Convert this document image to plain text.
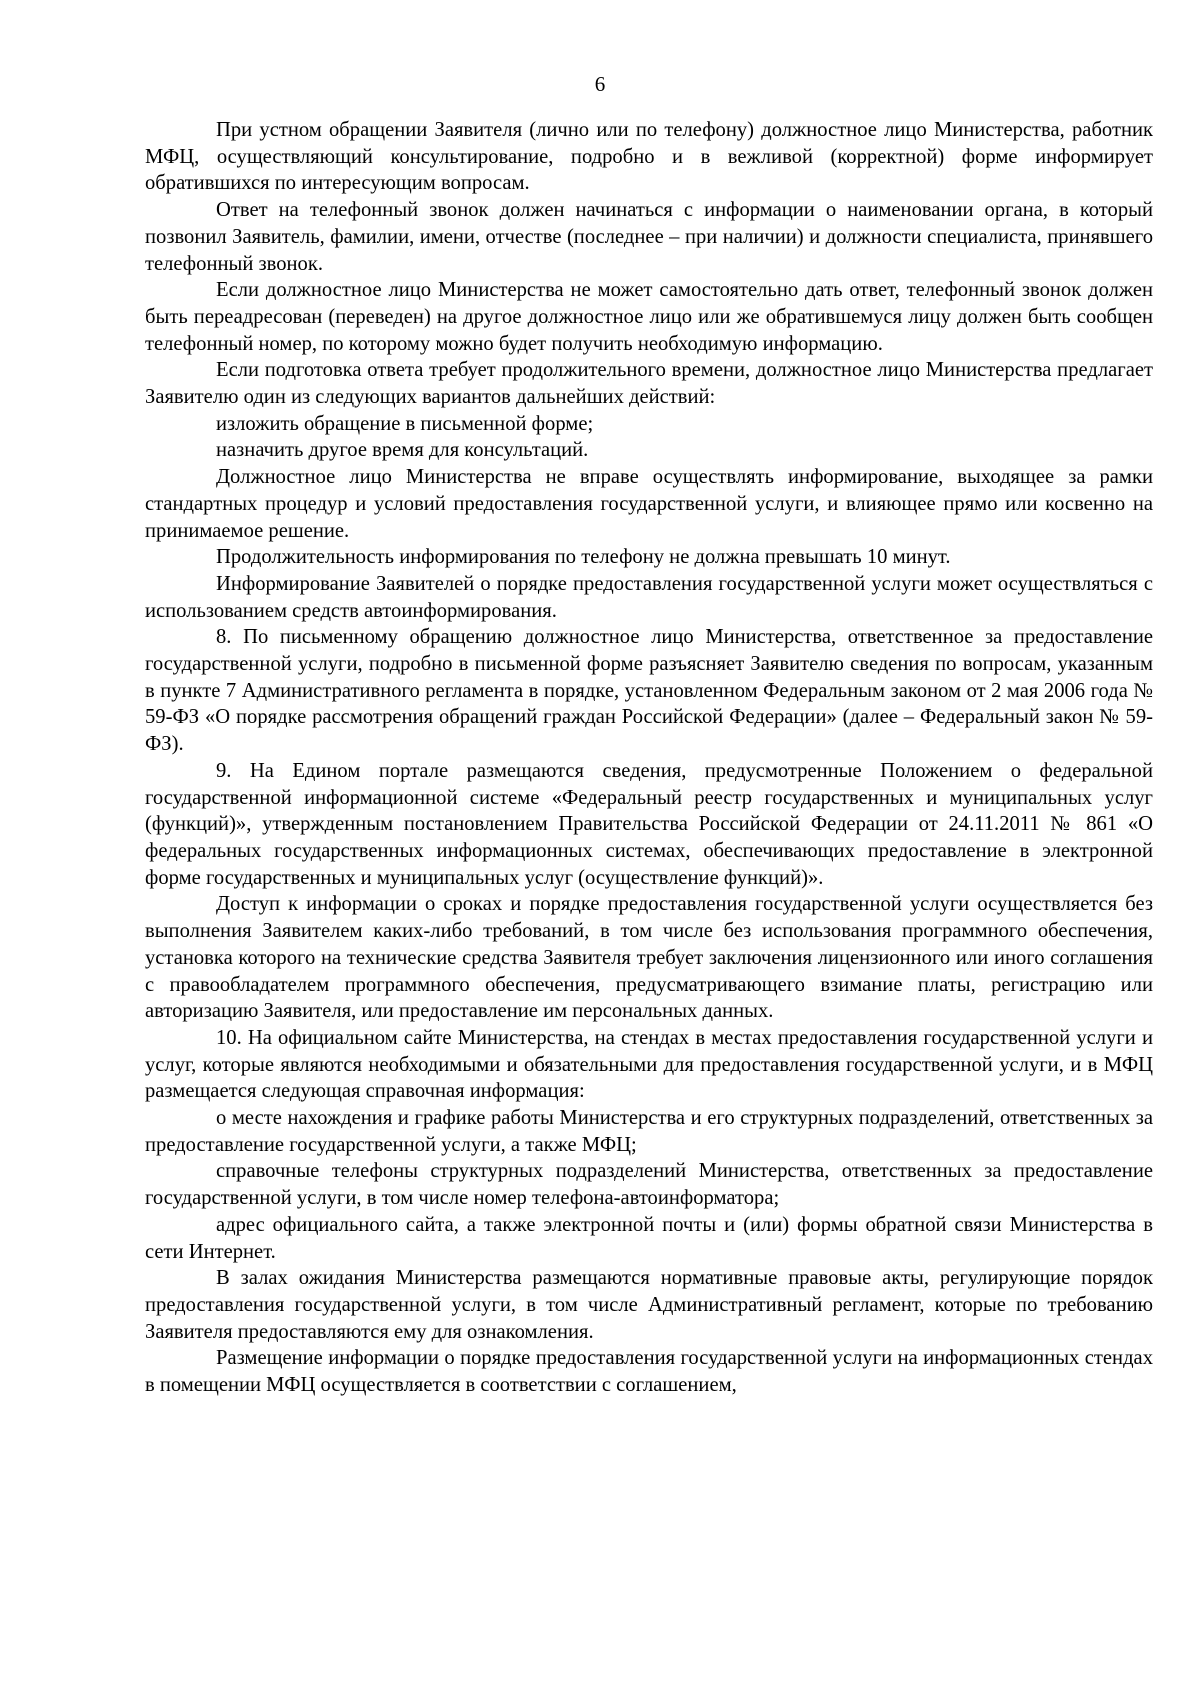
6

При устном обращении Заявителя (лично или по телефону) должностное лицо Министерства, работник МФЦ, осуществляющий консультирование, подробно и в вежливой (корректной) форме информирует обратившихся по интересующим вопросам.

Ответ на телефонный звонок должен начинаться с информации о наименовании органа, в который позвонил Заявитель, фамилии, имени, отчестве (последнее – при наличии) и должности специалиста, принявшего телефонный звонок.

Если должностное лицо Министерства не может самостоятельно дать ответ, телефонный звонок должен быть переадресован (переведен) на другое должностное лицо или же обратившемуся лицу должен быть сообщен телефонный номер, по которому можно будет получить необходимую информацию.

Если подготовка ответа требует продолжительного времени, должностное лицо Министерства предлагает Заявителю один из следующих вариантов дальнейших действий:

изложить обращение в письменной форме;

назначить другое время для консультаций.

Должностное лицо Министерства не вправе осуществлять информирование, выходящее за рамки стандартных процедур и условий предоставления государственной услуги, и влияющее прямо или косвенно на принимаемое решение.

Продолжительность информирования по телефону не должна превышать 10 минут.

Информирование Заявителей о порядке предоставления государственной услуги может осуществляться с использованием средств автоинформирования.

8. По письменному обращению должностное лицо Министерства, ответственное за предоставление государственной услуги, подробно в письменной форме разъясняет Заявителю сведения по вопросам, указанным в пункте 7 Административного регламента в порядке, установленном Федеральным законом от 2 мая 2006 года № 59-ФЗ «О порядке рассмотрения обращений граждан Российской Федерации» (далее – Федеральный закон № 59-ФЗ).

9. На Едином портале размещаются сведения, предусмотренные Положением о федеральной государственной информационной системе «Федеральный реестр государственных и муниципальных услуг (функций)», утвержденным постановлением Правительства Российской Федерации от 24.11.2011 № 861 «О федеральных государственных информационных системах, обеспечивающих предоставление в электронной форме государственных и муниципальных услуг (осуществление функций)».

Доступ к информации о сроках и порядке предоставления государственной услуги осуществляется без выполнения Заявителем каких-либо требований, в том числе без использования программного обеспечения, установка которого на технические средства Заявителя требует заключения лицензионного или иного соглашения с правообладателем программного обеспечения, предусматривающего взимание платы, регистрацию или авторизацию Заявителя, или предоставление им персональных данных.

10. На официальном сайте Министерства, на стендах в местах предоставления государственной услуги и услуг, которые являются необходимыми и обязательными для предоставления государственной услуги, и в МФЦ размещается следующая справочная информация:

о месте нахождения и графике работы Министерства и его структурных подразделений, ответственных за предоставление государственной услуги, а также МФЦ;

справочные телефоны структурных подразделений Министерства, ответственных за предоставление государственной услуги, в том числе номер телефона-автоинформатора;

адрес официального сайта, а также электронной почты и (или) формы обратной связи Министерства в сети Интернет.

В залах ожидания Министерства размещаются нормативные правовые акты, регулирующие порядок предоставления государственной услуги, в том числе Административный регламент, которые по требованию Заявителя предоставляются ему для ознакомления.

Размещение информации о порядке предоставления государственной услуги на информационных стендах в помещении МФЦ осуществляется в соответствии с соглашением,
